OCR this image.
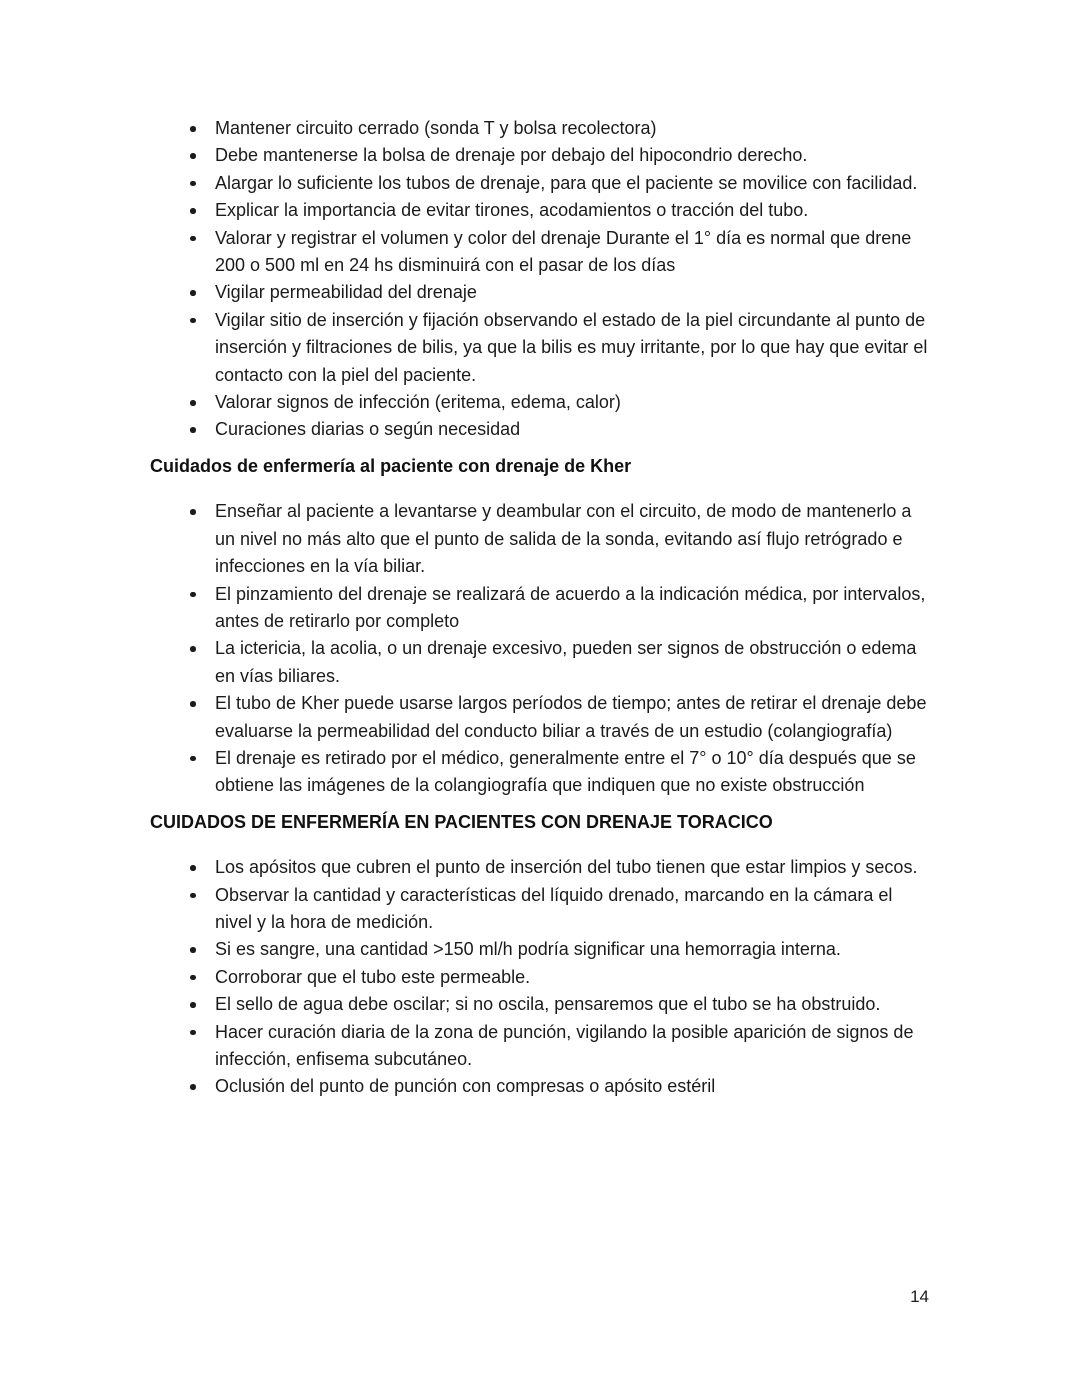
Mantener circuito cerrado (sonda T y bolsa recolectora)
Debe mantenerse la bolsa de drenaje por debajo del hipocondrio derecho.
Alargar lo suficiente los tubos de drenaje, para que el paciente se movilice con facilidad.
Explicar la importancia de evitar tirones, acodamientos o tracción del tubo.
Valorar y registrar el volumen y color del drenaje Durante el 1° día es normal que drene 200 o 500 ml en 24 hs disminuirá con el pasar de los días
Vigilar permeabilidad del drenaje
Vigilar sitio de inserción y fijación observando el estado de la piel circundante al punto de inserción y filtraciones de bilis, ya que la bilis es muy irritante, por lo que hay que evitar el contacto con la piel del paciente.
Valorar signos de infección (eritema, edema, calor)
Curaciones diarias o según necesidad
Cuidados de enfermería al paciente con drenaje de Kher
Enseñar al paciente a levantarse y deambular con el circuito, de modo de mantenerlo a un nivel no más alto que el punto de salida de la sonda, evitando así flujo retrógrado e infecciones en la vía biliar.
El pinzamiento del drenaje se realizará de acuerdo a la indicación médica, por intervalos, antes de retirarlo por completo
La ictericia, la acolia, o un drenaje excesivo, pueden ser signos de obstrucción o edema en vías biliares.
El tubo de Kher puede usarse largos períodos de tiempo; antes de retirar el drenaje debe evaluarse la permeabilidad del conducto biliar a través de un estudio (colangiografía)
El drenaje es retirado por el médico, generalmente entre el 7° o 10° día después que se obtiene las imágenes de la colangiografía que indiquen que no existe obstrucción
CUIDADOS DE ENFERMERÍA EN PACIENTES CON DRENAJE TORACICO
Los apósitos que cubren el punto de inserción del tubo tienen que estar limpios y secos.
Observar la cantidad y características del líquido drenado, marcando en la cámara el nivel y la hora de medición.
Si es sangre, una cantidad >150 ml/h podría significar una hemorragia interna.
Corroborar que el tubo este permeable.
El sello de agua debe oscilar; si no oscila, pensaremos que el tubo se ha obstruido.
Hacer curación diaria de la zona de punción, vigilando la posible aparición de signos de infección, enfisema subcutáneo.
Oclusión del punto de punción con compresas o apósito estéril
14
